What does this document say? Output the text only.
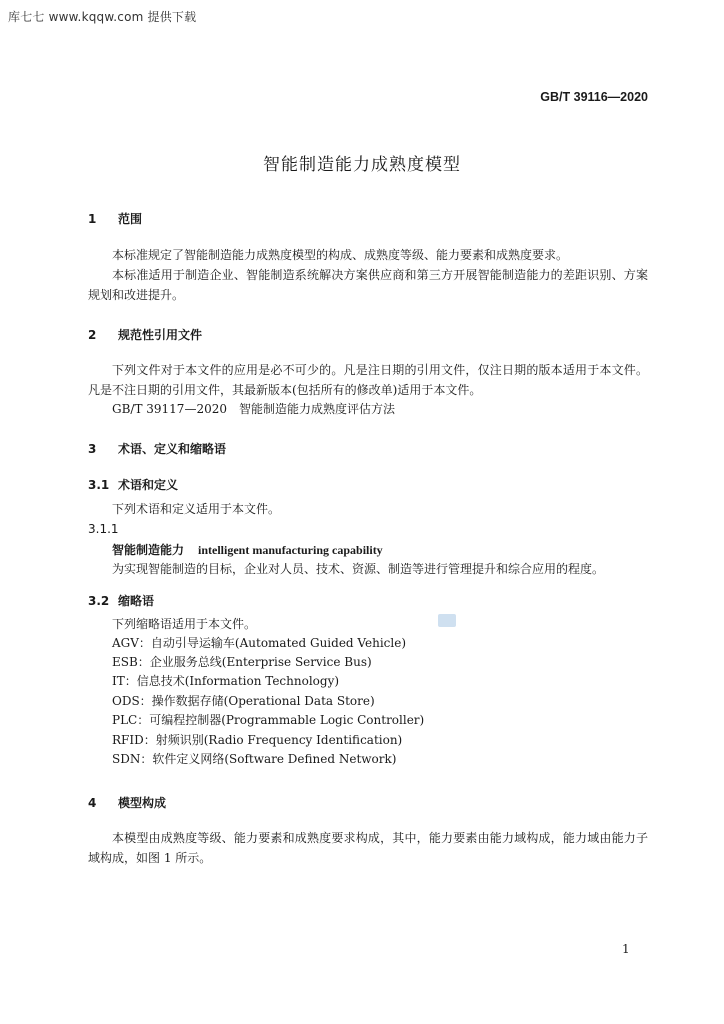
库七七 www.kqqw.com 提供下载
GB/T 39116—2020
智能制造能力成熟度模型
1 范围
本标准规定了智能制造能力成熟度模型的构成、成熟度等级、能力要素和成熟度要求。
本标准适用于制造企业、智能制造系统解决方案供应商和第三方开展智能制造能力的差距识别、方案规划和改进提升。
2 规范性引用文件
下列文件对于本文件的应用是必不可少的。凡是注日期的引用文件，仅注日期的版本适用于本文件。凡是不注日期的引用文件，其最新版本(包括所有的修改单)适用于本文件。
GB/T 39117—2020　智能制造能力成熟度评估方法
3 术语、定义和缩略语
3.1 术语和定义
下列术语和定义适用于本文件。
3.1.1
智能制造能力 intelligent manufacturing capability
为实现智能制造的目标，企业对人员、技术、资源、制造等进行管理提升和综合应用的程度。
3.2 缩略语
下列缩略语适用于本文件。
AGV：自动引导运输车(Automated Guided Vehicle)
ESB：企业服务总线(Enterprise Service Bus)
IT：信息技术(Information Technology)
ODS：操作数据存储(Operational Data Store)
PLC：可编程控制器(Programmable Logic Controller)
RFID：射频识别(Radio Frequency Identification)
SDN：软件定义网络(Software Defined Network)
4 模型构成
本模型由成熟度等级、能力要素和成熟度要求构成，其中，能力要素由能力域构成，能力域由能力子域构成，如图 1 所示。
1
